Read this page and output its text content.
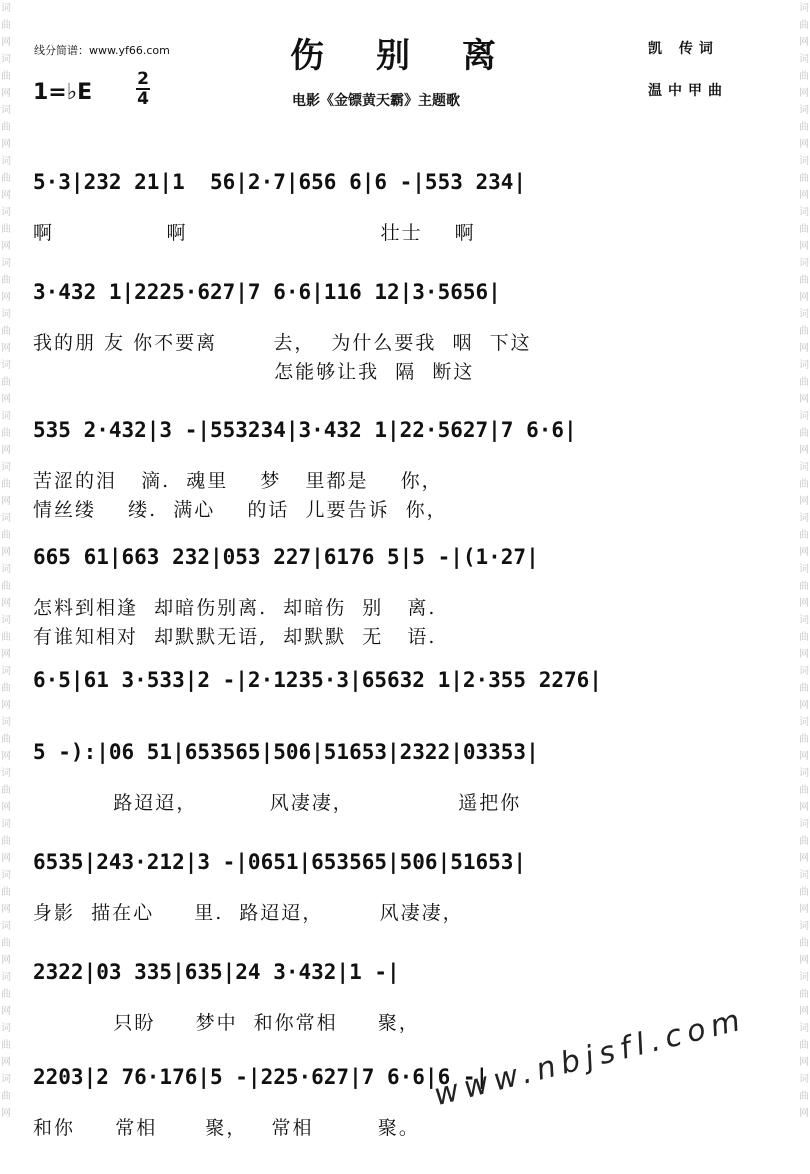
词
曲
网
词
曲
网
词
曲
网
词
曲
网
词
曲
网
词
曲
网
词
曲
网
词
曲
网
词
曲
网
词
曲
网
词
曲
网
词
曲
网
词
曲
网
词
曲
网
词
曲
网
词
曲
网
词
曲
网
词
曲
网
词
曲
网
词
曲
网
词
曲
网
词
曲
网
词
曲
网
词
曲
网
词
曲
网
词
曲
网
词
曲
网
词
曲
网
词
曲
网
词
曲
网
词
曲
网
词
曲
网
词
曲
网
词
曲
网
词
曲
网
词
曲
网
词
曲
网
词
曲
网
词
曲
网
词
曲
网
词
曲
网
词
曲
网
词
曲
网
词
曲
网
线分简谱：www.yf66.com	伤别离	凯 传词
温中甲曲
1=♭E
2
4	电影《金镖黄天霸》主题歌
5·3|232 21|1  56|2·7|656 6|6 -|553 234|
啊              啊                        壮士    啊
3·432 1|2225·627|7 6·6|116 12|3·5656|
我的朋 友 你不要离       去，  为什么要我  咽  下这
怎能够让我  隔  断这
535 2·432|3 -|553234|3·432 1|22·5627|7 6·6|
苦涩的泪   滴.  魂里    梦   里都是    你，
情丝缕    缕.  满心    的话  儿要告诉  你，
665 61|663 232|053 227|6176 5|5 -|(1·27|
怎料到相逢  却暗伤别离.  却暗伤  别   离.
有谁知相对  却默默无语,  却默默  无   语.
6·5|61 3·533|2 -|2·1235·3|65632 1|2·355 2276|
5 -):|06 51|653565|506|51653|2322|03353|
路迢迢，         风凄凄，             遥把你
6535|243·212|3 -|0651|653565|506|51653|
身影  描在心     里.  路迢迢，       风凄凄，
2322|03 335|635|24 3·432|1 -|
只盼     梦中  和你常相     聚，
2203|2 76·176|5 -|225·627|7 6·6|6 -|
和你     常相      聚，   常相        聚。
www.nbjsfl.com
